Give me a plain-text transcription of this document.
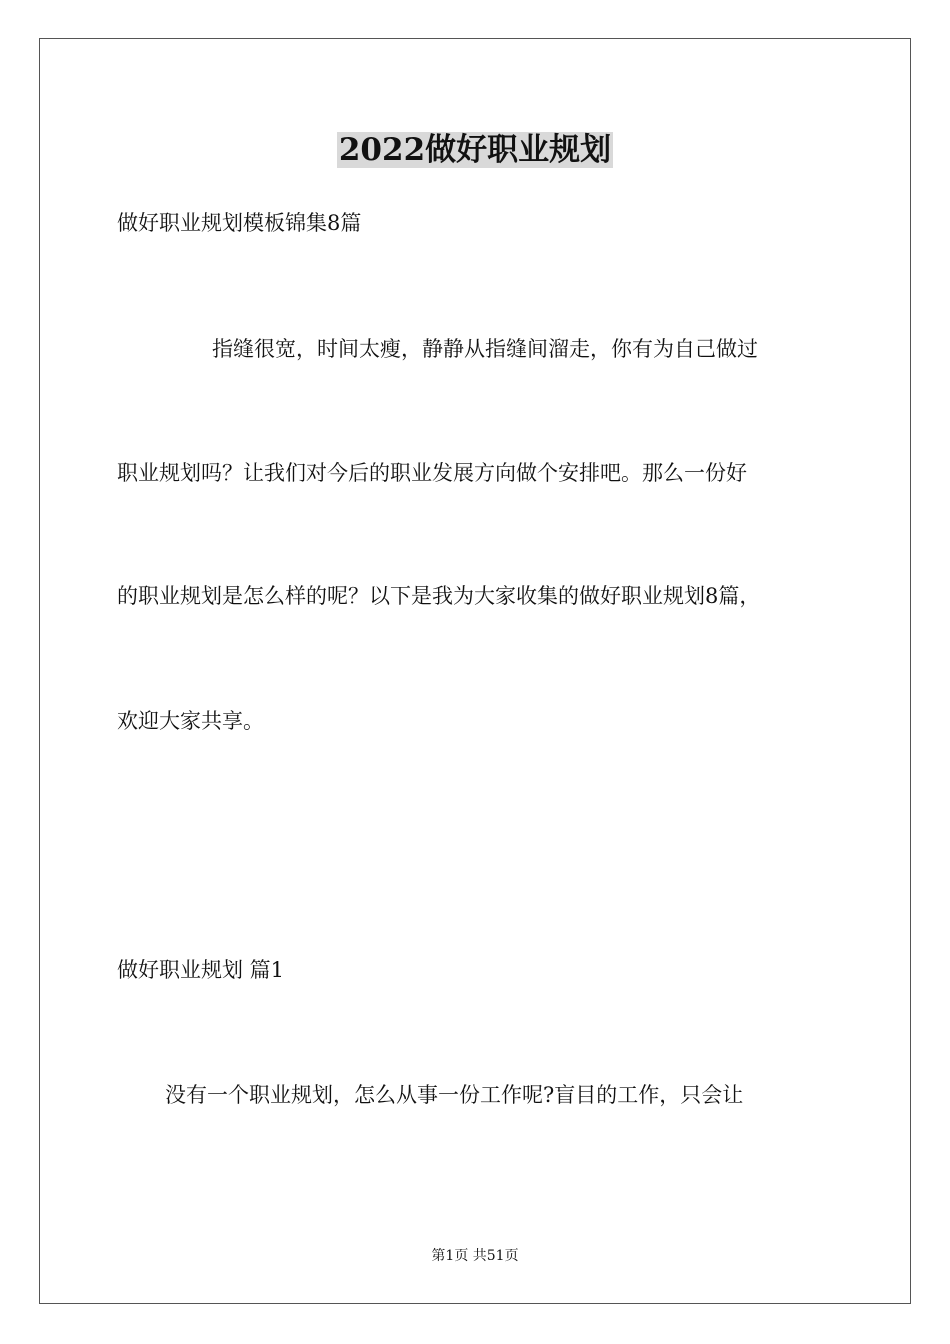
2022做好职业规划
做好职业规划模板锦集8篇
指缝很宽，时间太瘦，静静从指缝间溜走，你有为自己做过
职业规划吗？让我们对今后的职业发展方向做个安排吧。那么一份好
的职业规划是怎么样的呢？以下是我为大家收集的做好职业规划8篇，
欢迎大家共享。
做好职业规划 篇1
没有一个职业规划，怎么从事一份工作呢?盲目的工作，只会让
第1页 共51页
